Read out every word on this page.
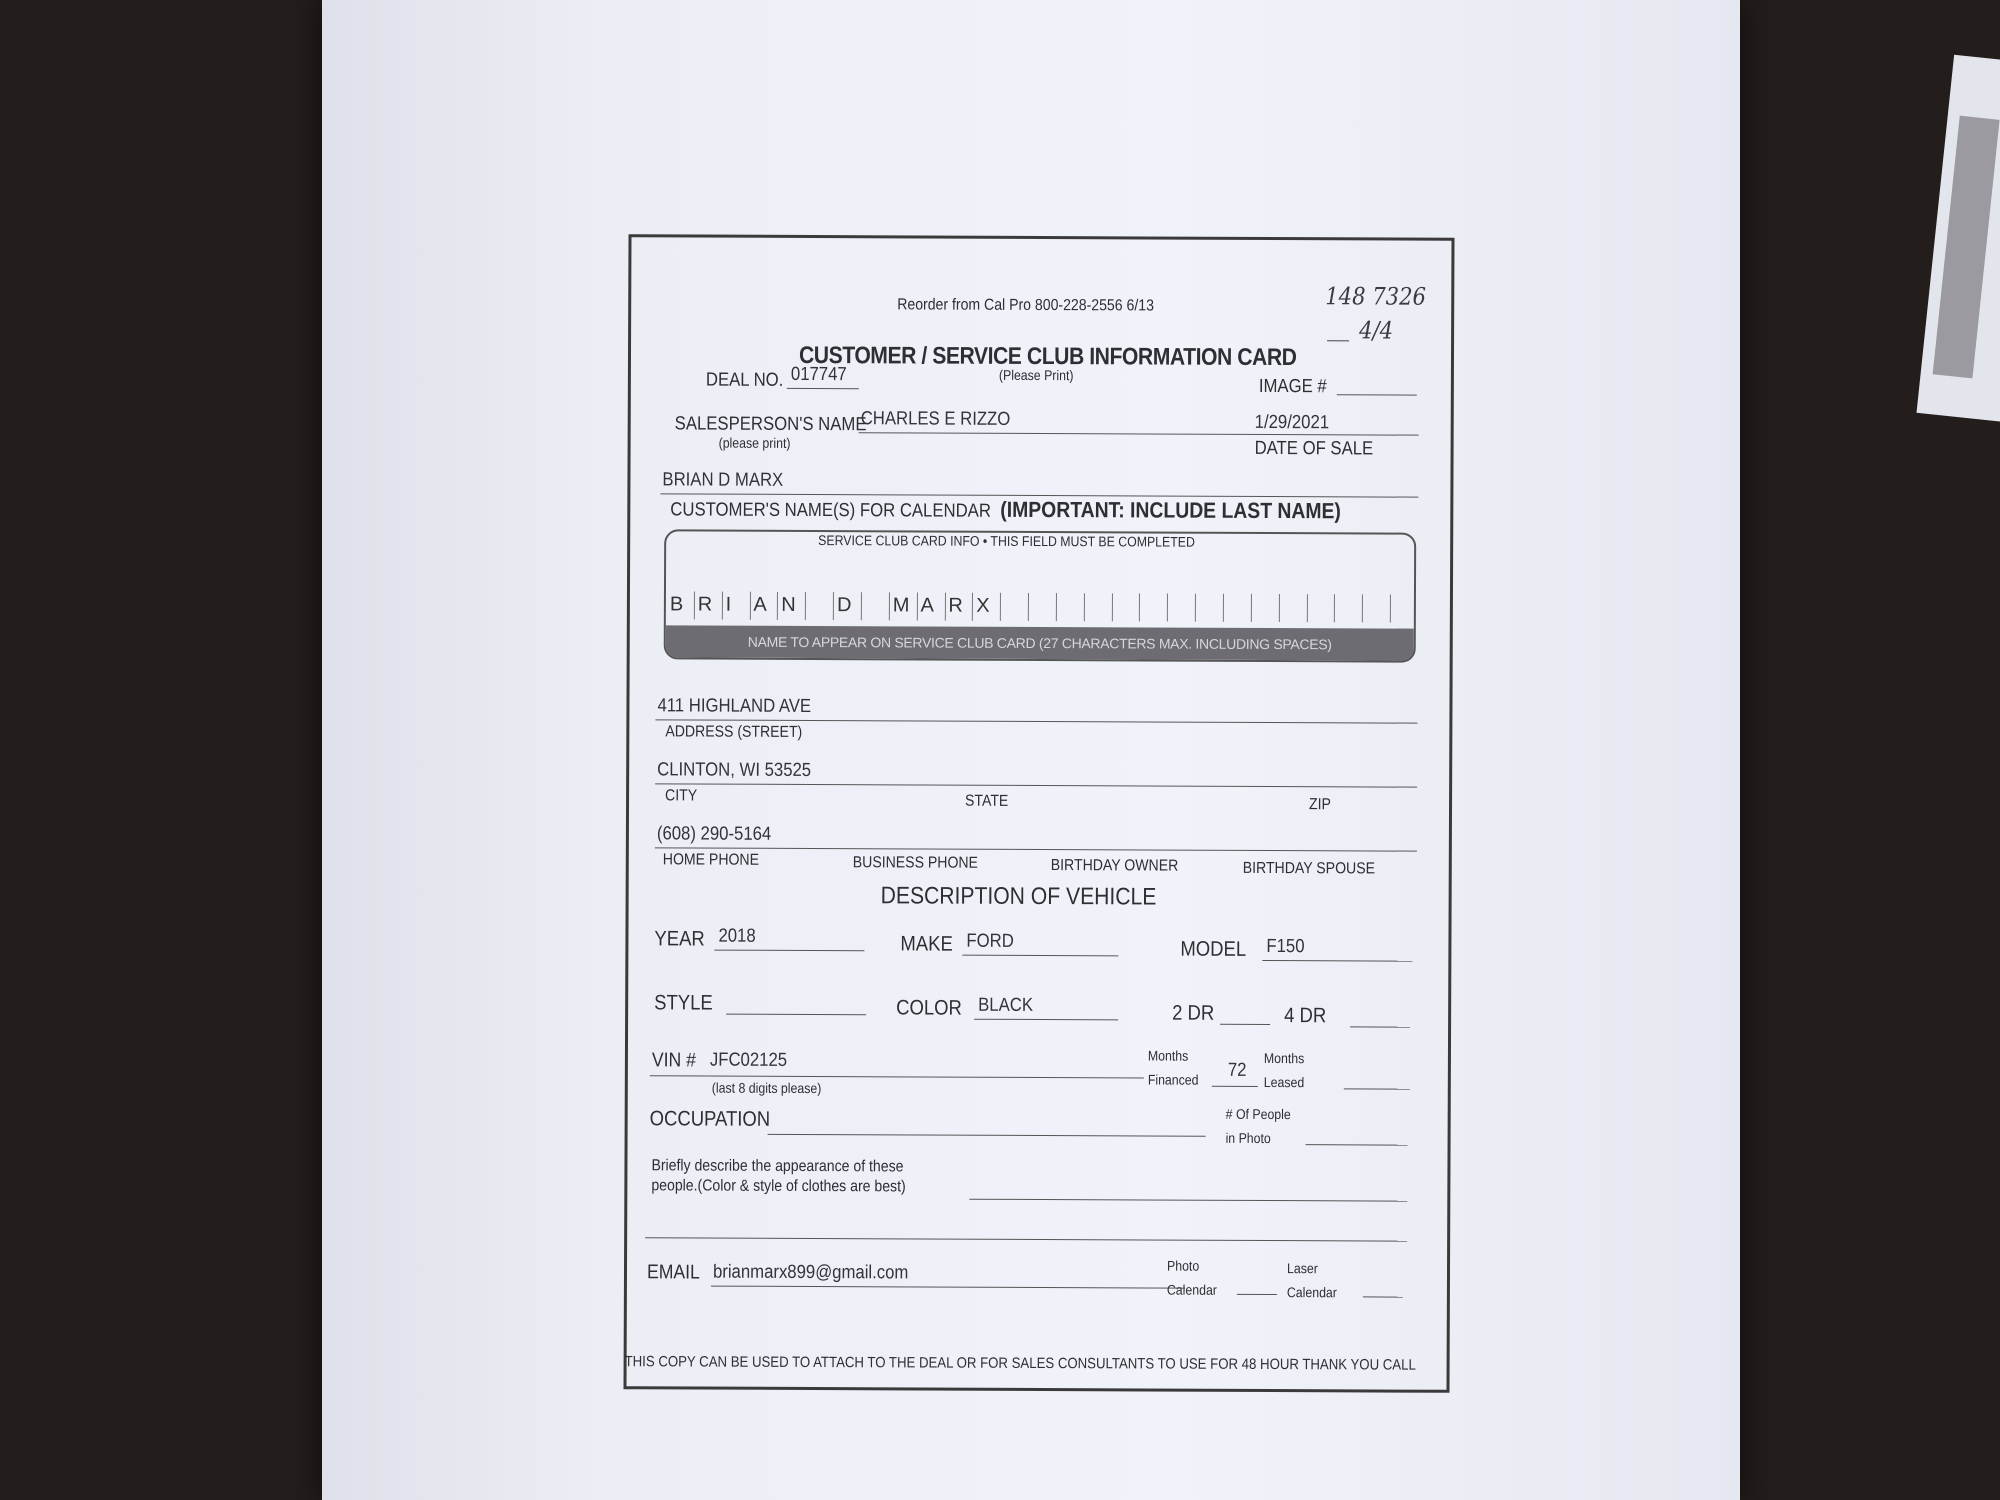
Reorder from Cal Pro 800-228-2556 6/13	148 7326
4/4
CUSTOMER / SERVICE CLUB INFORMATION CARD
(Please Print)
DEAL NO. 017747
IMAGE #
SALESPERSON'S NAME
(please print)
CHARLES E RIZZO	1/29/2021
DATE OF SALE
BRIAN D MARX
CUSTOMER'S NAME(S) FOR CALENDAR (IMPORTANT: INCLUDE LAST NAME)
SERVICE CLUB CARD INFO • THIS FIELD MUST BE COMPLETED
NAME TO APPEAR ON SERVICE CLUB CARD (27 CHARACTERS MAX. INCLUDING SPACES)
B R I A N D M A R X
411 HIGHLAND AVE
ADDRESS (STREET)
CLINTON, WI 53525
CITY	STATE	ZIP
(608) 290-5164
HOME PHONE	BUSINESS PHONE	BIRTHDAY OWNER	BIRTHDAY SPOUSE
DESCRIPTION OF VEHICLE
YEAR 2018	MAKE FORD	MODEL F150
STYLE	COLOR BLACK	2 DR	4 DR
VIN # JFC02125
(last 8 digits please)
Months
Financed 72
Months
Leased
OCCUPATION	# Of People
in Photo
Briefly describe the appearance of these
people.(Color & style of clothes are best)
EMAIL brianmarx899@gmail.com	Photo
Calendar
Laser
Calendar
THIS COPY CAN BE USED TO ATTACH TO THE DEAL OR FOR SALES CONSULTANTS TO USE FOR 48 HOUR THANK YOU CALL
